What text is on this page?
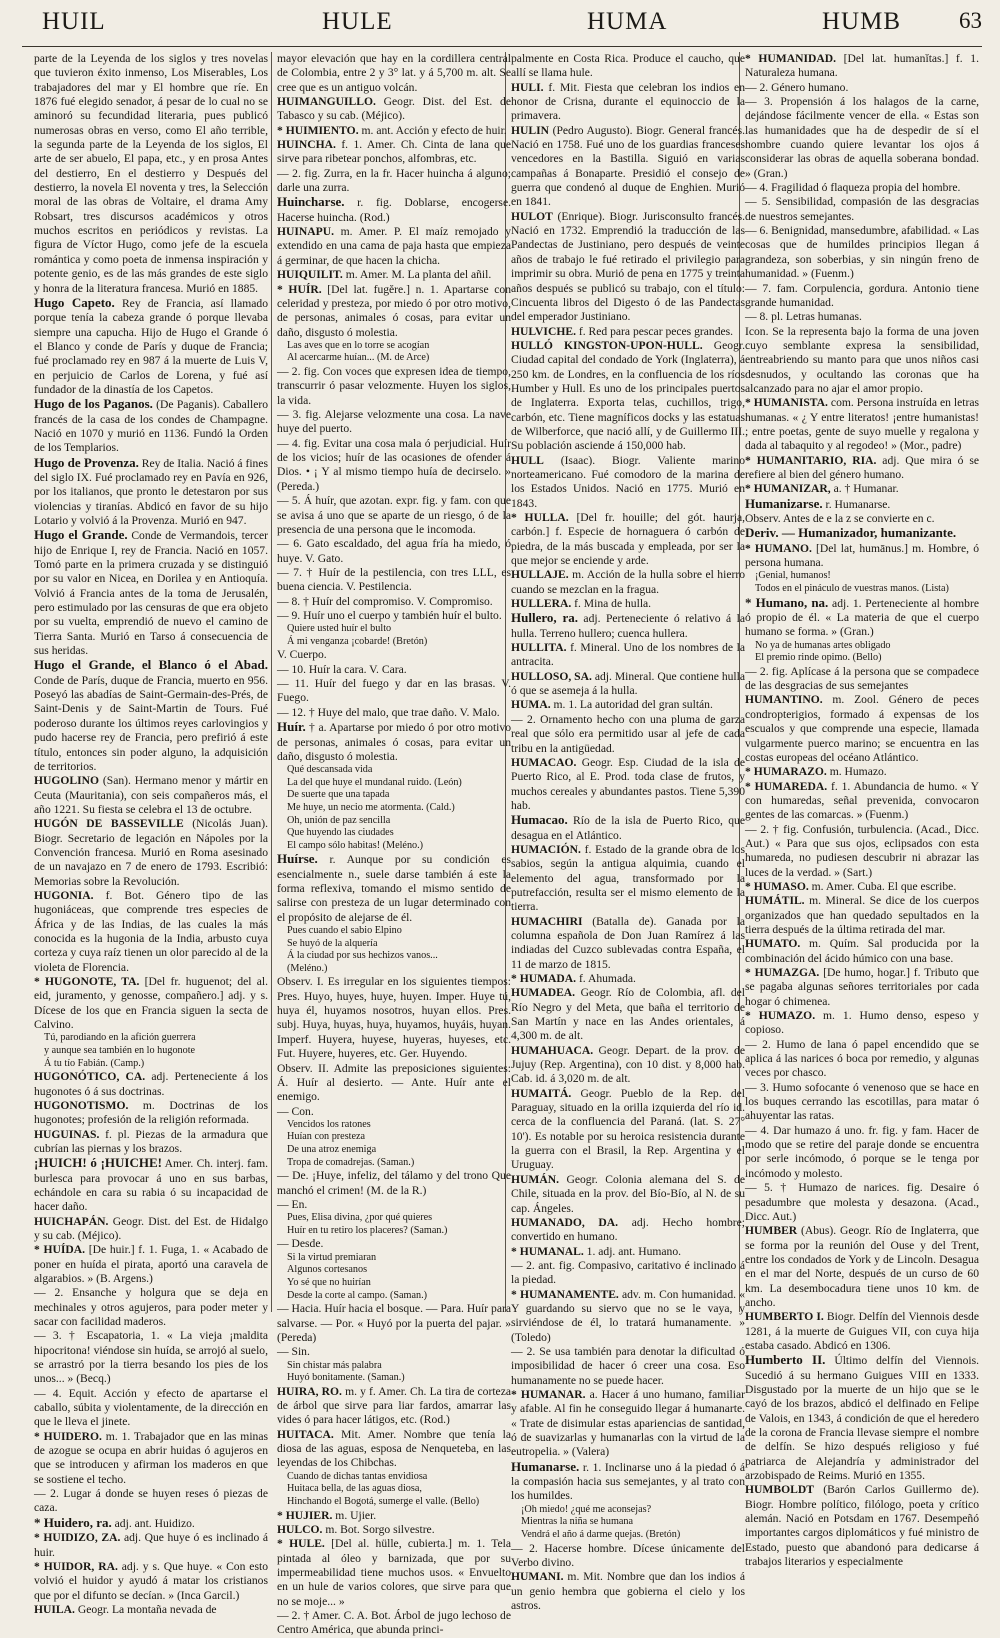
HUIL	HULE	HUMA	HUMB	63

parte de la Leyenda de los siglos y tres novelas que tuvieron éxito inmenso, Los Miserables, Los trabajadores del mar y El hombre que ríe. En 1876 fué elegido senador, á pesar de lo cual no se aminoró su fecundidad literaria, pues publicó numerosas obras en verso, como El año terrible, la segunda parte de la Leyenda de los siglos, El arte de ser abuelo, El papa, etc., y en prosa Antes del destierro, En el destierro y Después del destierro, la novela El noventa y tres, la Selección moral de las obras de Voltaire, el drama Amy Robsart, tres discursos académicos y otros muchos escritos en periódicos y revistas. La figura de Víctor Hugo, como jefe de la escuela romántica y como poeta de inmensa inspiración y potente genio, es de las más grandes de este siglo y honra de la literatura francesa. Murió en 1885.

Hugo Capeto. Rey de Francia, así llamado porque tenía la cabeza grande ó porque llevaba siempre una capucha. Hijo de Hugo el Grande ó el Blanco y conde de París y duque de Francia; fué proclamado rey en 987 á la muerte de Luis V, en perjuicio de Carlos de Lorena, y fué así fundador de la dinastía de los Capetos.

Hugo de los Paganos. (De Paganis). Caballero francés de la casa de los condes de Champagne. Nació en 1070 y murió en 1136. Fundó la Orden de los Templarios.

Hugo de Provenza. Rey de Italia. Nació á fines del siglo IX. Fué proclamado rey en Pavía en 926, por los italianos, que pronto le detestaron por sus violencias y tiranías. Abdicó en favor de su hijo Lotario y volvió á la Provenza. Murió en 947.

Hugo el Grande. Conde de Vermandois, tercer hijo de Enrique I, rey de Francia. Nació en 1057. Tomó parte en la primera cruzada y se distinguió por su valor en Nicea, en Dorilea y en Antioquía. Volvió á Francia antes de la toma de Jerusalén, pero estimulado por las censuras de que era objeto por su vuelta, emprendió de nuevo el camino de Tierra Santa. Murió en Tarso á consecuencia de sus heridas.

Hugo el Grande, el Blanco ó el Abad. Conde de París, duque de Francia, muerto en 956. Poseyó las abadías de Saint-Germain-des-Prés, de Saint-Denis y de Saint-Martin de Tours. Fué poderoso durante los últimos reyes carlovingios y pudo hacerse rey de Francia, pero prefirió á este título, entonces sin poder alguno, la adquisición de territorios.

HUGOLINO (San). Hermano menor y mártir en Ceuta (Mauritania), con seis compañeros más, el año 1221. Su fiesta se celebra el 13 de octubre.

HUGÓN DE BASSEVILLE (Nicolás Juan). Biogr. Secretario de legación en Nápoles por la Convención francesa. Murió en Roma asesinado de un navajazo en 7 de enero de 1793. Escribió: Memorias sobre la Revolución.

HUGONIA. f. Bot. Género tipo de las hugoniáceas, que comprende tres especies de África y de las Indias, de las cuales la más conocida es la hugonia de la India, arbusto cuya corteza y cuya raíz tienen un olor parecido al de la violeta de Florencia.

* HUGONOTE, TA. [Del fr. huguenot; del al. eid, juramento, y genosse, compañero.] adj. y s. Dícese de los que en Francia siguen la secta de Calvino.

Tú, parodiando en la afición guerrera
y aunque sea también en lo hugonote
Á tu tío Fabián. (Camp.)

HUGONÓTICO, CA. adj. Perteneciente á los hugonotes ó á sus doctrinas.

HUGONOTISMO. m. Doctrinas de los hugonotes; profesión de la religión reformada.

HUGUINAS. f. pl. Piezas de la armadura que cubrían las piernas y los brazos.

¡HUICH! ó ¡HUICHE! Amer. Ch. interj. fam. burlesca para provocar á uno en sus barbas, echándole en cara su rabia ó su incapacidad de hacer daño.

HUICHAPÁN. Geogr. Dist. del Est. de Hidalgo y su cab. (Méjico).

* HUÍDA. [De huir.] f. 1. Fuga, 1. « Acabado de poner en huída el pirata, aportó una caravela de algarabios. » (B. Argens.)

— 2. Ensanche y holgura que se deja en mechinales y otros agujeros, para poder meter y sacar con facilidad maderos.

— 3. † Escapatoria, 1. « La vieja ¡maldita hipocritona! viéndose sin huída, se arrojó al suelo, se arrastró por la tierra besando los pies de los unos... » (Becq.)

— 4. Equit. Acción y efecto de apartarse el caballo, súbita y violentamente, de la dirección en que le lleva el jinete.

* HUIDERO. m. 1. Trabajador que en las minas de azogue se ocupa en abrir huidas ó agujeros en que se introducen y afirman los maderos en que se sostiene el techo.

— 2. Lugar á donde se huyen reses ó piezas de caza.

* Huidero, ra. adj. ant. Huidizo.

* HUIDIZO, ZA. adj. Que huye ó es inclinado á huir.

* HUIDOR, RA. adj. y s. Que huye. « Con esto volvió el huidor y ayudó á matar los cristianos que por el difunto se decían. » (Inca Garcil.)

HUILA. Geogr. La montaña nevada de

mayor elevación que hay en la cordillera central de Colombia, entre 2 y 3° lat. y á 5,700 m. alt. Se cree que es un antiguo volcán.

HUIMANGUILLO. Geogr. Dist. del Est. de Tabasco y su cab. (Méjico).

* HUIMIENTO. m. ant. Acción y efecto de huir.

HUINCHA. f. 1. Amer. Ch. Cinta de lana que sirve para ribetear ponchos, alfombras, etc.

— 2. fig. Zurra, en la fr. Hacer huincha á alguno; darle una zurra.

Huincharse. r. fig. Doblarse, encogerse. Hacerse huincha. (Rod.)

HUINAPU. m. Amer. P. El maíz remojado y extendido en una cama de paja hasta que empieza á germinar, de que hacen la chicha.

HUIQUILIT. m. Amer. M. La planta del añil.

* HUÍR. [Del lat. fugĕre.] n. 1. Apartarse con celeridad y presteza, por miedo ó por otro motivo, de personas, animales ó cosas, para evitar un daño, disgusto ó molestia.

Las aves que en lo torre se acogían
Al acercarme huían... (M. de Arce)

— 2. fig. Con voces que expresen idea de tiempo, transcurrir ó pasar velozmente. Huyen los siglos, la vida.

— 3. fig. Alejarse velozmente una cosa. La nave huye del puerto.

— 4. fig. Evitar una cosa mala ó perjudicial. Huír de los vicios; huír de las ocasiones de ofender á Dios. • ¡ Y al mismo tiempo huía de decirselo. » (Pereda.)

— 5. Á huír, que azotan. expr. fig. y fam. con que se avisa á uno que se aparte de un riesgo, ó de la presencia de una persona que le incomoda.

— 6. Gato escaldado, del agua fría ha miedo, ó huye. V. Gato.

— 7. † Huír de la pestilencia, con tres LLL, es buena ciencia. V. Pestilencia.

— 8. † Huír del compromiso. V. Compromiso.

— 9. Huír uno el cuerpo y también huír el bulto.

Quiere usted huír el bulto
Á mi venganza ¡cobarde! (Bretón)

V. Cuerpo.

— 10. Huír la cara. V. Cara.

— 11. Huír del fuego y dar en las brasas. V. Fuego.

— 12. † Huye del malo, que trae daño. V. Malo.

Huír. † a. Apartarse por miedo ó por otro motivo de personas, animales ó cosas, para evitar un daño, disgusto ó molestia.

Qué descansada vida
La del que huye el mundanal ruido. (León)
De suerte que una tapada
Me huye, un necio me atormenta. (Cald.)
Oh, unión de paz sencilla
Que huyendo las ciudades
El campo sólo habitas! (Meléno.)

Huírse. r. Aunque por su condición es esencialmente n., suele darse también á este la forma reflexiva, tomando el mismo sentido de salirse con presteza de un lugar determinado con el propósito de alejarse de él.

Pues cuando el sabio Elpino
Se huyó de la alquería
Á la ciudad por sus hechizos vanos...
(Meléno.)

Observ. I. Es irregular en los siguientes tiempos: Pres. Huyo, huyes, huye, huyen. Imper. Huye tú, huya él, huyamos nosotros, huyan ellos. Pres. subj. Huya, huyas, huya, huyamos, huyáis, huyan. Imperf. Huyera, huyese, huyeras, huyeses, etc. Fut. Huyere, huyeres, etc. Ger. Huyendo.

Observ. II. Admite las preposiciones siguientes: Á. Huír al desierto. — Ante. Huír ante el enemigo.

— Con.

Vencidos los ratones
Huían con presteza
De una atroz enemiga
Tropa de comadrejas. (Saman.)

— De. ¡Huye, infeliz, del tálamo y del trono Que manchó el crimen! (M. de la R.)

— En.

Pues, Elisa divina, ¿por qué quieres
Huír en tu retiro los placeres? (Saman.)

— Desde.

Si la virtud premiaran
Algunos cortesanos
Yo sé que no huirían
Desde la corte al campo. (Saman.)

— Hacia. Huír hacia el bosque. — Para. Huír para salvarse. — Por. « Huyó por la puerta del pajar. » (Pereda)

— Sin.

Sin chistar más palabra
Huyó bonitamente. (Saman.)

HUIRA, RO. m. y f. Amer. Ch. La tira de corteza de árbol que sirve para liar fardos, amarrar las vides ó para hacer látigos, etc. (Rod.)

HUITACA. Mit. Amer. Nombre que tenía la diosa de las aguas, esposa de Nenqueteba, en las leyendas de los Chibchas.

Cuando de dichas tantas envidiosa
Huitaca bella, de las aguas diosa,
Hinchando el Bogotá, sumerge el valle. (Bello)

* HUJIER. m. Ujier.

HULCO. m. Bot. Sorgo silvestre.

* HULE. [Del al. hülle, cubierta.] m. 1. Tela pintada al óleo y barnizada, que por su impermeabilidad tiene muchos usos. « Envuelto en un hule de varios colores, que sirve para que no se moje... »

— 2. † Amer. C. A. Bot. Árbol de jugo lechoso de Centro América, que abunda princi-

palmente en Costa Rica. Produce el caucho, que allí se llama hule.

HULI. f. Mit. Fiesta que celebran los indios en honor de Crisna, durante el equinoccio de la primavera.

HULIN (Pedro Augusto). Biogr. General francés. Nació en 1758. Fué uno de los guardias franceses vencedores en la Bastilla. Siguió en varias campañas á Bonaparte. Presidió el consejo de guerra que condenó al duque de Enghien. Murió en 1841.

HULOT (Enrique). Biogr. Jurisconsulto francés. Nació en 1732. Emprendió la traducción de las Pandectas de Justiniano, pero después de veinte años de trabajo le fué retirado el privilegio para imprimir su obra. Murió de pena en 1775 y treinta años después se publicó su trabajo, con el título: Cincuenta libros del Digesto ó de las Pandectas del emperador Justiniano.

HULVICHE. f. Red para pescar peces grandes.

HULLÓ KINGSTON-UPON-HULL. Geogr. Ciudad capital del condado de York (Inglaterra), á 250 km. de Londres, en la confluencia de los ríos Humber y Hull. Es uno de los principales puertos de Inglaterra. Exporta telas, cuchillos, trigo, carbón, etc. Tiene magníficos docks y las estatuas de Wilberforce, que nació allí, y de Guillermo III. Su población asciende á 150,000 hab.

HULL (Isaac). Biogr. Valiente marino norteamericano. Fué comodoro de la marina de los Estados Unidos. Nació en 1775. Murió en 1843.

* HULLA. [Del fr. houille; del gót. haurja, carbón.] f. Especie de hornaguera ó carbón de piedra, de la más buscada y empleada, por ser la que mejor se enciende y arde.

HULLAJE. m. Acción de la hulla sobre el hierro cuando se mezclan en la fragua.

HULLERA. f. Mina de hulla.

Hullero, ra. adj. Perteneciente ó relativo á la hulla. Terreno hullero; cuenca hullera.

HULLITA. f. Mineral. Uno de los nombres de la antracita.

HULLOSO, SA. adj. Mineral. Que contiene hulla ó que se asemeja á la hulla.

HUMA. m. 1. La autoridad del gran sultán.

— 2. Ornamento hecho con una pluma de garza real que sólo era permitido usar al jefe de cada tribu en la antigüedad.

HUMACAO. Geogr. Esp. Ciudad de la isla de Puerto Rico, al E. Prod. toda clase de frutos, y muchos cereales y abundantes pastos. Tiene 5,390 hab.

Humacao. Río de la isla de Puerto Rico, que desagua en el Atlántico.

HUMACIÓN. f. Estado de la grande obra de los sabios, según la antigua alquimia, cuando el elemento del agua, transformado por la putrefacción, resulta ser el mismo elemento de la tierra.

HUMACHIRI (Batalla de). Ganada por la columna española de Don Juan Ramírez á las indiadas del Cuzco sublevadas contra España, el 11 de marzo de 1815.

* HUMADA. f. Ahumada.

HUMADEA. Geogr. Río de Colombia, afl. del Río Negro y del Meta, que baña el territorio de San Martín y nace en las Andes orientales, á 4,300 m. de alt.

HUMAHUACA. Geogr. Depart. de la prov. de Jujuy (Rep. Argentina), con 10 dist. y 8,000 hab. Cab. id. á 3,020 m. de alt.

HUMAITÁ. Geogr. Pueblo de la Rep. del Paraguay, situado en la orilla izquierda del río id. cerca de la confluencia del Paraná. (lat. S. 27° 10'). Es notable por su heroica resistencia durante la guerra con el Brasil, la Rep. Argentina y el Uruguay.

HUMÁN. Geogr. Colonia alemana del S. de Chile, situada en la prov. del Bío-Bío, al N. de su cap. Ángeles.

HUMANADO, DA. adj. Hecho hombre; convertido en humano.

* HUMANAL. 1. adj. ant. Humano.

— 2. ant. fig. Compasivo, caritativo é inclinado á la piedad.

* HUMANAMENTE. adv. m. Con humanidad. « Y guardando su siervo que no se le vaya, y sirviéndose de él, lo tratará humanamente. » (Toledo)

— 2. Se usa también para denotar la dificultad ó imposibilidad de hacer ó creer una cosa. Eso humanamente no se puede hacer.

* HUMANAR. a. Hacer á uno humano, familiar y afable. Al fin he conseguido llegar á humanarte. « Trate de disimular estas apariencias de santidad, ó de suavizarlas y humanarlas con la virtud de la eutropelia. » (Valera)

Humanarse. r. 1. Inclinarse uno á la piedad ó á la compasión hacia sus semejantes, y al trato con los humildes.

¡Oh miedo! ¿qué me aconsejas?
Mientras la niña se humana
Vendrá el año á darme quejas. (Bretón)

— 2. Hacerse hombre. Dícese únicamente del Verbo divino.

HUMANI. m. Mit. Nombre que dan los indios á un genio hembra que gobierna el cielo y los astros.

* HUMANIDAD. [Del lat. humanĭtas.] f. 1. Naturaleza humana.

— 2. Género humano.

— 3. Propensión á los halagos de la carne, dejándose fácilmente vencer de ella. « Estas son las humanidades que ha de despedir de sí el hombre cuando quiere levantar los ojos á considerar las obras de aquella soberana bondad. » (Gran.)

— 4. Fragilidad ó flaqueza propia del hombre.

— 5. Sensibilidad, compasión de las desgracias de nuestros semejantes.

— 6. Benignidad, mansedumbre, afabilidad. « Las cosas que de humildes principios llegan á grandeza, son soberbias, y sin ningún freno de humanidad. » (Fuenm.)

— 7. fam. Corpulencia, gordura. Antonio tiene grande humanidad.

— 8. pl. Letras humanas.

Icon. Se la representa bajo la forma de una joven cuyo semblante expresa la sensibilidad, entreabriendo su manto para que unos niños casi desnudos, y ocultando las coronas que ha alcanzado para no ajar el amor propio.

* HUMANISTA. com. Persona instruída en letras humanas. « ¿ Y entre literatos! ¡entre humanistas! ; entre poetas, gente de suyo muelle y regalona y dada al tabaquito y al regodeo! » (Mor., padre)

* HUMANITARIO, RIA. adj. Que mira ó se refiere al bien del género humano.

* HUMANIZAR, a. † Humanar.

Humanizarse. r. Humanarse.

Observ. Antes de e la z se convierte en c.

Deriv. — Humanizador, humanizante.

* HUMANO. [Del lat, humānus.] m. Hombre, ó persona humana.

¡Genial, humanos!
Todos en el pináculo de vuestras manos. (Lista)

* Humano, na. adj. 1. Perteneciente al hombre ó propio de él. « La materia de que el cuerpo humano se forma. » (Gran.)

No ya de humanas artes obligado
El premio rinde opimo. (Bello)

— 2. fig. Aplícase á la persona que se compadece de las desgracias de sus semejantes

HUMANTINO. m. Zool. Género de peces condropterigios, formado á expensas de los escualos y que comprende una especie, llamada vulgarmente puerco marino; se encuentra en las costas europeas del océano Atlántico.

* HUMARAZO. m. Humazo.

* HUMAREDA. f. 1. Abundancia de humo. « Y con humaredas, señal prevenida, convocaron gentes de las comarcas. » (Fuenm.)

— 2. † fig. Confusión, turbulencia. (Acad., Dicc. Aut.) « Para que sus ojos, eclipsados con esta humareda, no pudiesen descubrir ni abrazar las luces de la verdad. » (Sart.)

* HUMASO. m. Amer. Cuba. El que escribe.

HUMÁTIL. m. Mineral. Se dice de los cuerpos organizados que han quedado sepultados en la tierra después de la última retirada del mar.

HUMATO. m. Quím. Sal producida por la combinación del ácido húmico con una base.

* HUMAZGA. [De humo, hogar.] f. Tributo que se pagaba algunas señores territoriales por cada hogar ó chimenea.

* HUMAZO. m. 1. Humo denso, espeso y copioso.

— 2. Humo de lana ó papel encendido que se aplica á las narices ó boca por remedio, y algunas veces por chasco.

— 3. Humo sofocante ó venenoso que se hace en los buques cerrando las escotillas, para matar ó ahuyentar las ratas.

— 4. Dar humazo á uno. fr. fig. y fam. Hacer de modo que se retire del paraje donde se encuentra por serle incómodo, ó porque se le tenga por incómodo y molesto.

— 5. † Humazo de narices. fig. Desaire ó pesadumbre que molesta y desazona. (Acad., Dicc. Aut.)

HUMBER (Abus). Geogr. Río de Inglaterra, que se forma por la reunión del Ouse y del Trent, entre los condados de York y de Lincoln. Desagua en el mar del Norte, después de un curso de 60 km. La desembocadura tiene unos 10 km. de ancho.

HUMBERTO I. Biogr. Delfín del Viennois desde 1281, á la muerte de Guigues VII, con cuya hija estaba casado. Abdicó en 1306.

Humberto II. Último delfín del Viennois. Sucedió á su hermano Guigues VIII en 1333. Disgustado por la muerte de un hijo que se le cayó de los brazos, abdicó el delfinado en Felipe de Valois, en 1343, á condición de que el heredero de la corona de Francia llevase siempre el nombre de delfín. Se hizo después religioso y fué patriarca de Alejandría y administrador del arzobispado de Reims. Murió en 1355.

HUMBOLDT (Barón Carlos Guillermo de). Biogr. Hombre político, filólogo, poeta y crítico alemán. Nació en Potsdam en 1767. Desempeñó importantes cargos diplomáticos y fué ministro de Estado, puesto que abandonó para dedicarse á trabajos literarios y especialmente
